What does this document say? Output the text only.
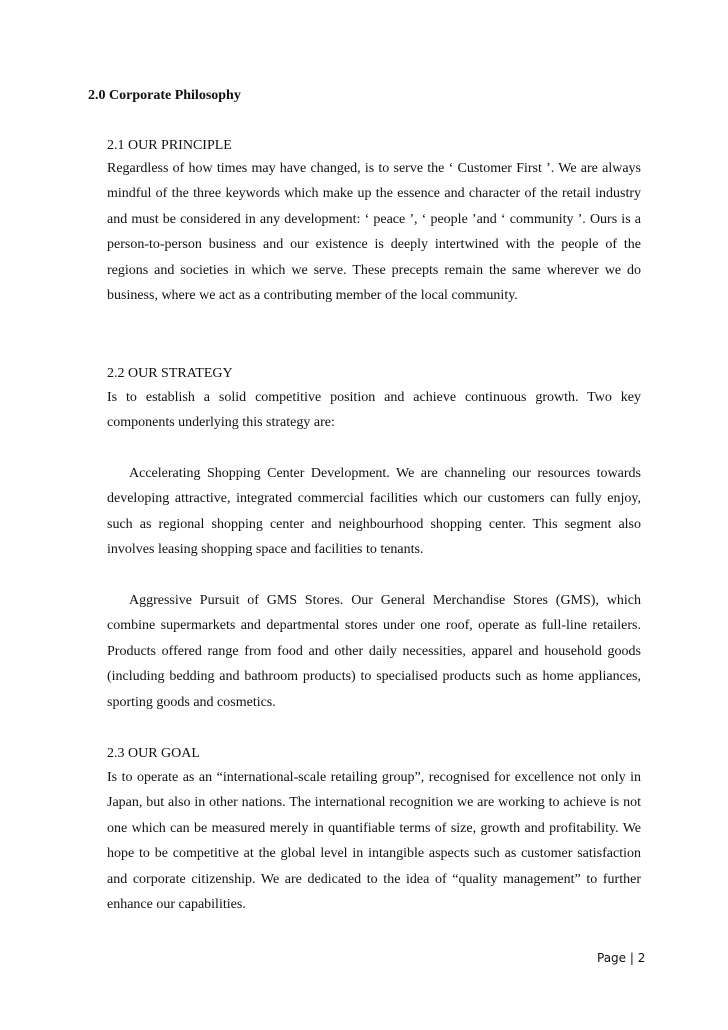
2.0 Corporate Philosophy
2.1 OUR PRINCIPLE

Regardless of how times may have changed, is to serve the ‘ Customer First ’. We are always mindful of the three keywords which make up the essence and character of the retail industry and must be considered in any development: ‘ peace ’, ‘ people ’and ‘ community ’. Ours is a person-to-person business and our existence is deeply intertwined with the people of the regions and societies in which we serve. These precepts remain the same wherever we do business, where we act as a contributing member of the local community.

2.2 OUR STRATEGY

Is to establish a solid competitive position and achieve continuous growth. Two key components underlying this strategy are:

Accelerating Shopping Center Development. We are channeling our resources towards developing attractive, integrated commercial facilities which our customers can fully enjoy, such as regional shopping center and neighbourhood shopping center. This segment also involves leasing shopping space and facilities to tenants.

Aggressive Pursuit of GMS Stores. Our General Merchandise Stores (GMS), which combine supermarkets and departmental stores under one roof, operate as full-line retailers. Products offered range from food and other daily necessities, apparel and household goods (including bedding and bathroom products) to specialised products such as home appliances, sporting goods and cosmetics.

2.3 OUR GOAL

Is to operate as an “international-scale retailing group”, recognised for excellence not only in Japan, but also in other nations. The international recognition we are working to achieve is not one which can be measured merely in quantifiable terms of size, growth and profitability. We hope to be competitive at the global level in intangible aspects such as customer satisfaction and corporate citizenship. We are dedicated to the idea of “quality management” to further enhance our capabilities.

Page | 2
